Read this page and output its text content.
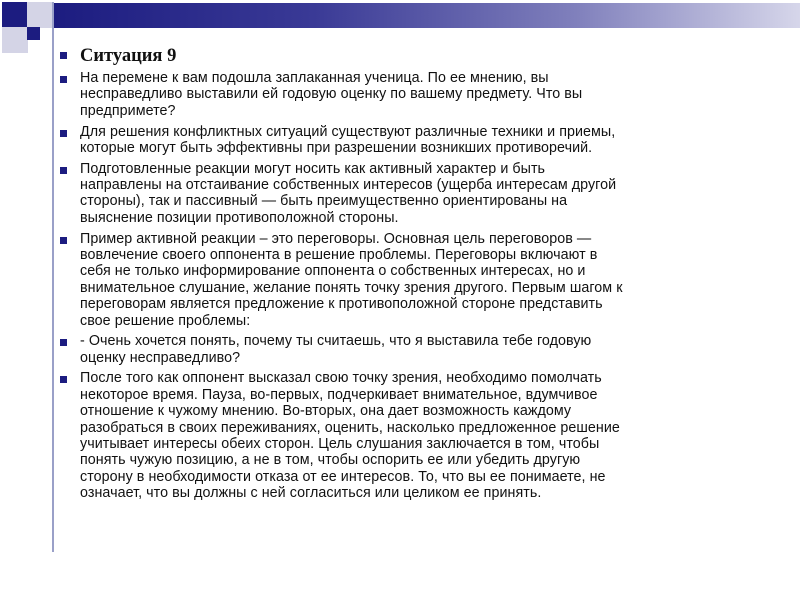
Ситуация 9
На перемене к вам подошла заплаканная ученица. По ее мнению, вы
несправедливо выставили ей годовую оценку по вашему предмету. Что вы
предпримете?
Для решения конфликтных ситуаций существуют различные техники и приемы,
которые могут быть эффективны при разрешении возникших противоречий.
Подготовленные реакции могут носить как активный характер и быть
направлены на отстаивание собственных интересов (ущерба интересам другой
стороны), так и пассивный — быть преимущественно ориентированы на
выяснение позиции противоположной стороны.
Пример активной реакции – это переговоры. Основная цель переговоров —
вовлечение своего оппонента в решение проблемы. Переговоры включают в
себя не только информирование оппонента о собственных интересах, но и
внимательное слушание, желание понять точку зрения другого. Первым шагом к
переговорам является предложение к противоположной стороне представить
свое решение проблемы:
- Очень хочется понять, почему ты считаешь, что я выставила тебе годовую
оценку несправедливо?
После того как оппонент высказал свою точку зрения, необходимо помолчать
некоторое время. Пауза, во-первых, подчеркивает внимательное, вдумчивое
отношение к чужому мнению. Во-вторых, она дает возможность каждому
разобраться в своих переживаниях, оценить, насколько предложенное решение
учитывает интересы обеих сторон. Цель слушания заключается в том, чтобы
понять чужую позицию, а не в том, чтобы оспорить ее или убедить другую
сторону в необходимости отказа от ее интересов. То, что вы ее понимаете, не
означает, что вы должны с ней согласиться или целиком ее принять.
